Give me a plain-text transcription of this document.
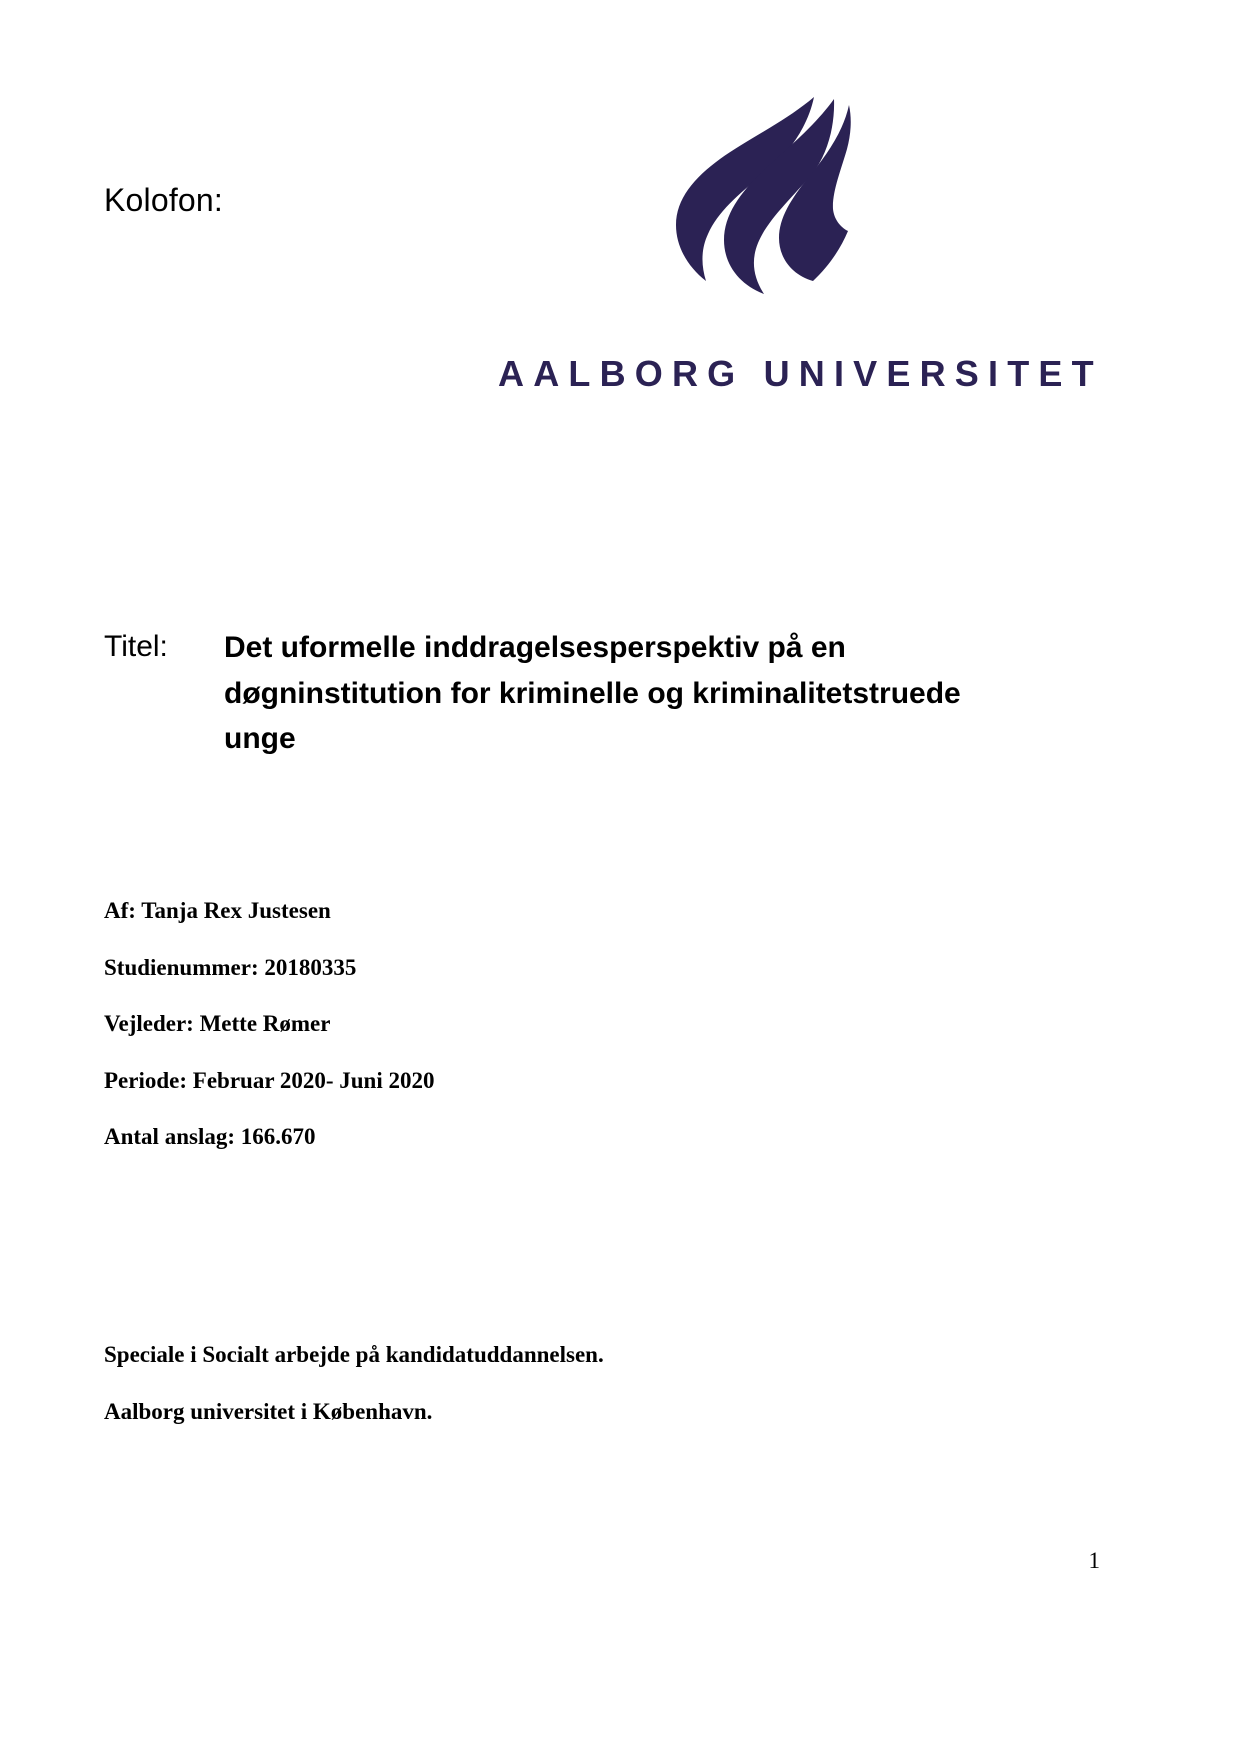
Kolofon:
AALBORG UNIVERSITET
Titel: Det uformelle inddragelsesperspektiv på en døgninstitution for kriminelle og kriminalitetstruede unge
Af: Tanja Rex Justesen
Studienummer: 20180335
Vejleder: Mette Rømer
Periode: Februar 2020- Juni 2020
Antal anslag: 166.670
Speciale i Socialt arbejde på kandidatuddannelsen.
Aalborg universitet i København.
1
